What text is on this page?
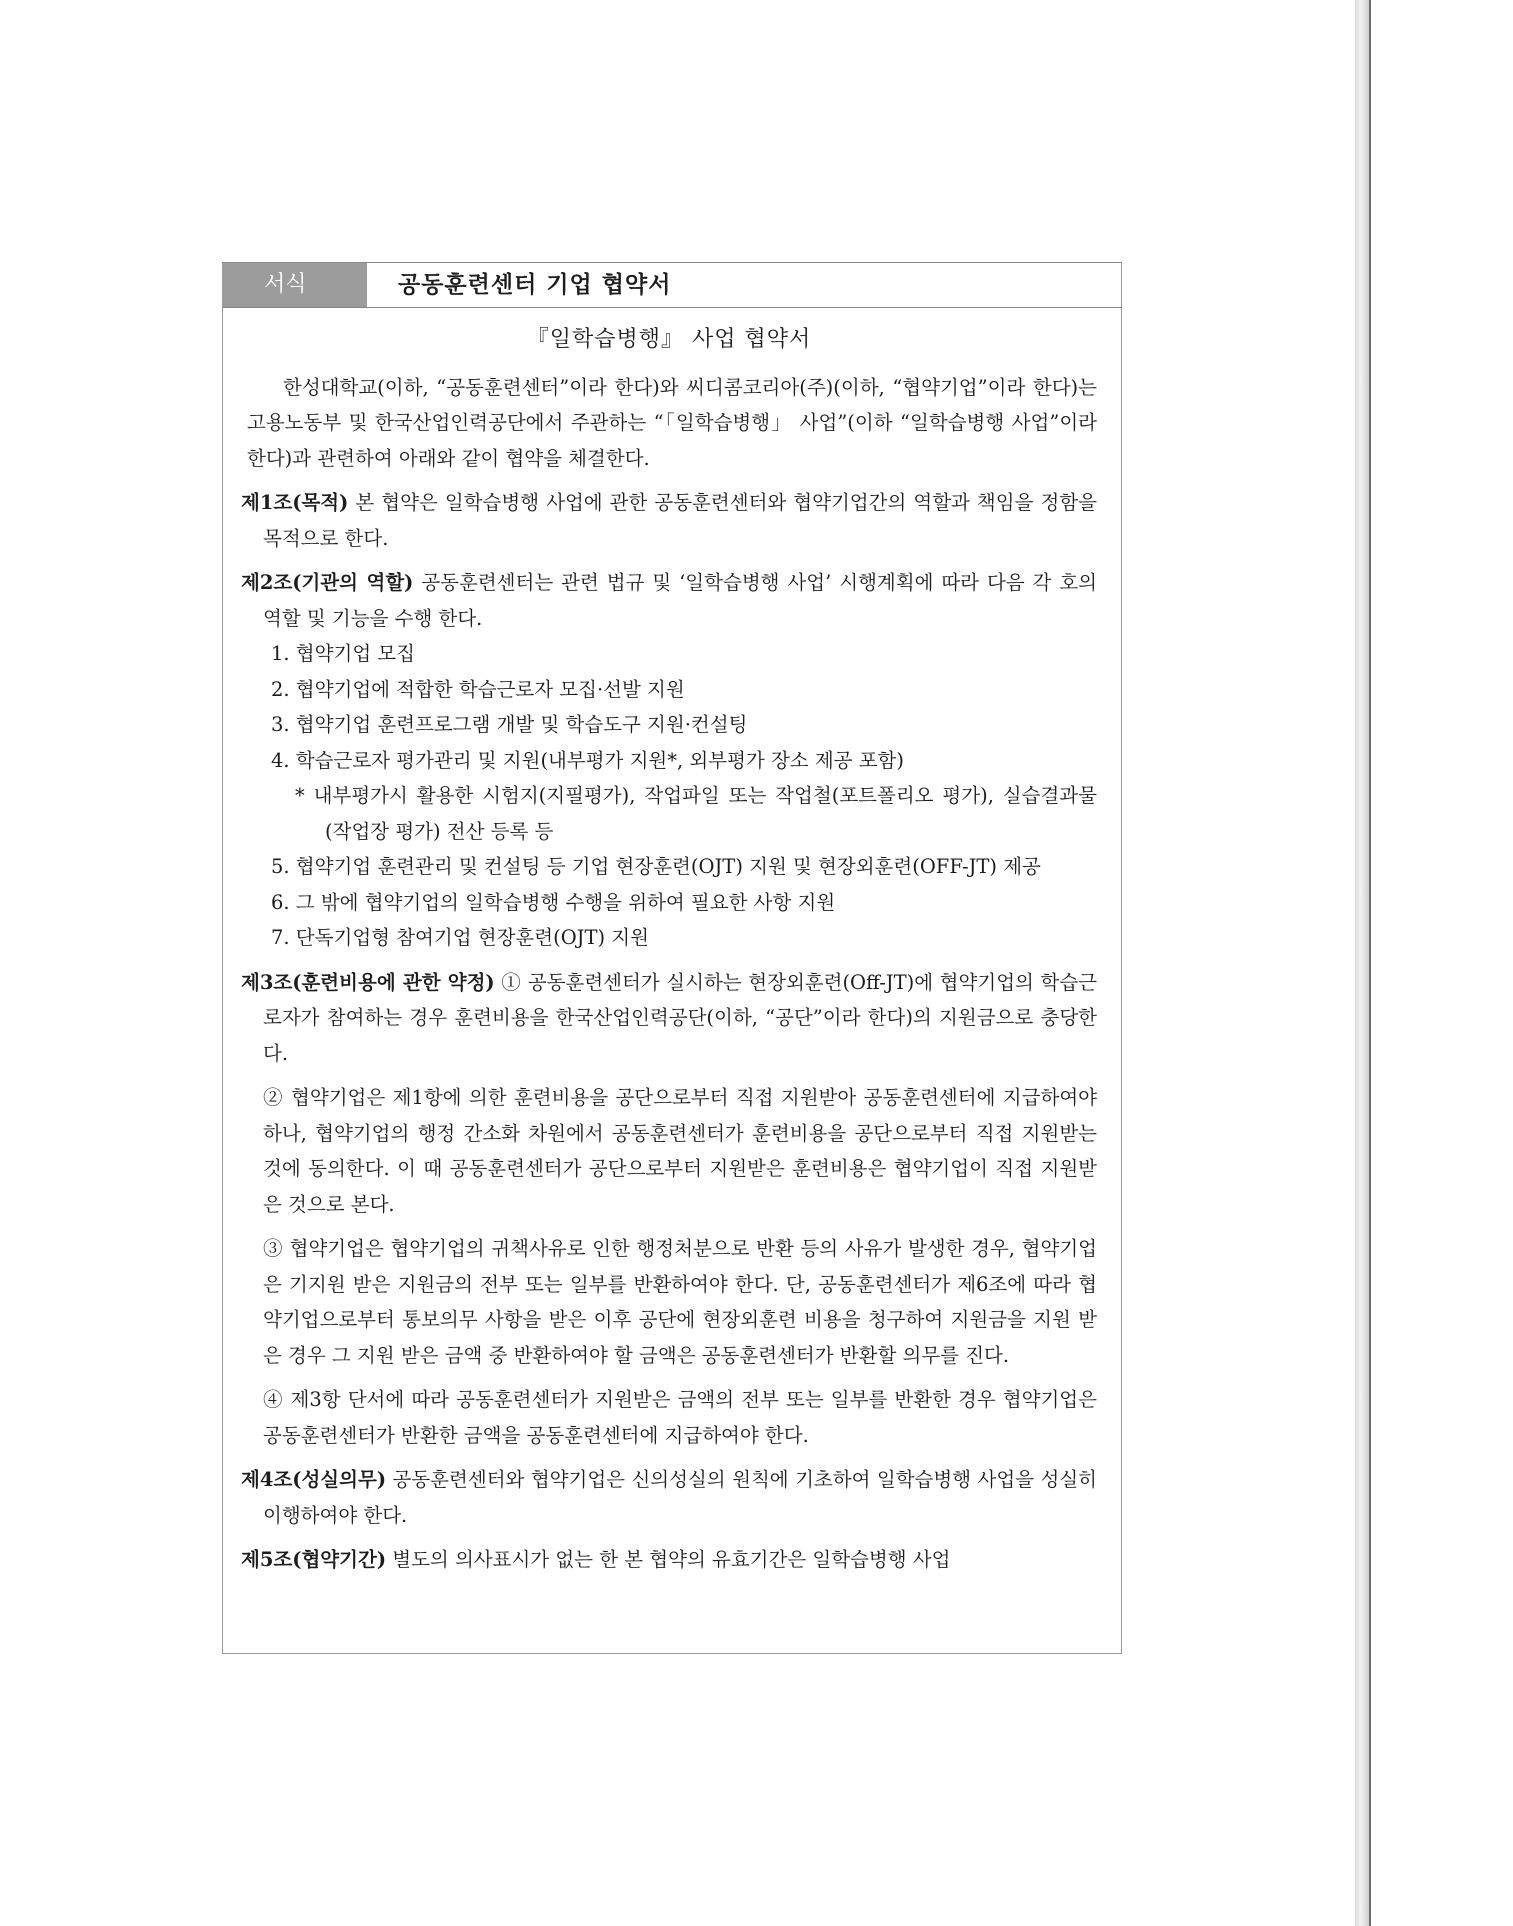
서식	공동훈련센터 기업 협약서
『일학습병행』 사업 협약서
한성대학교(이하, “공동훈련센터”이라 한다)와 씨디콤코리아(주)(이하, “협약기업”이라 한다)는 고용노동부 및 한국산업인력공단에서 주관하는 “「일학습병행」 사업”(이하 “일학습병행 사업”이라 한다)과 관련하여 아래와 같이 협약을 체결한다.
제1조(목적) 본 협약은 일학습병행 사업에 관한 공동훈련센터와 협약기업간의 역할과 책임을 정함을 목적으로 한다.
제2조(기관의 역할) 공동훈련센터는 관련 법규 및 ‘일학습병행 사업’ 시행계획에 따라 다음 각 호의 역할 및 기능을 수행 한다.
1. 협약기업 모집
2. 협약기업에 적합한 학습근로자 모집·선발 지원
3. 협약기업 훈련프로그램 개발 및 학습도구 지원·컨설팅
4. 학습근로자 평가관리 및 지원(내부평가 지원*, 외부평가 장소 제공 포함)
* 내부평가시 활용한 시험지(지필평가), 작업파일 또는 작업철(포트폴리오 평가), 실습결과물(작업장 평가) 전산 등록 등
5. 협약기업 훈련관리 및 컨설팅 등 기업 현장훈련(OJT) 지원 및 현장외훈련(OFF-JT) 제공
6. 그 밖에 협약기업의 일학습병행 수행을 위하여 필요한 사항 지원
7. 단독기업형 참여기업 현장훈련(OJT) 지원
제3조(훈련비용에 관한 약정) ① 공동훈련센터가 실시하는 현장외훈련(Off-JT)에 협약기업의 학습근로자가 참여하는 경우 훈련비용을 한국산업인력공단(이하, “공단”이라 한다)의 지원금으로 충당한다.
② 협약기업은 제1항에 의한 훈련비용을 공단으로부터 직접 지원받아 공동훈련센터에 지급하여야 하나, 협약기업의 행정 간소화 차원에서 공동훈련센터가 훈련비용을 공단으로부터 직접 지원받는 것에 동의한다. 이 때 공동훈련센터가 공단으로부터 지원받은 훈련비용은 협약기업이 직접 지원받은 것으로 본다.
③ 협약기업은 협약기업의 귀책사유로 인한 행정처분으로 반환 등의 사유가 발생한 경우, 협약기업은 기지원 받은 지원금의 전부 또는 일부를 반환하여야 한다. 단, 공동훈련센터가 제6조에 따라 협약기업으로부터 통보의무 사항을 받은 이후 공단에 현장외훈련 비용을 청구하여 지원금을 지원 받은 경우 그 지원 받은 금액 중 반환하여야 할 금액은 공동훈련센터가 반환할 의무를 진다.
④ 제3항 단서에 따라 공동훈련센터가 지원받은 금액의 전부 또는 일부를 반환한 경우 협약기업은 공동훈련센터가 반환한 금액을 공동훈련센터에 지급하여야 한다.
제4조(성실의무) 공동훈련센터와 협약기업은 신의성실의 원칙에 기초하여 일학습병행 사업을 성실히 이행하여야 한다.
제5조(협약기간) 별도의 의사표시가 없는 한 본 협약의 유효기간은 일학습병행 사업
